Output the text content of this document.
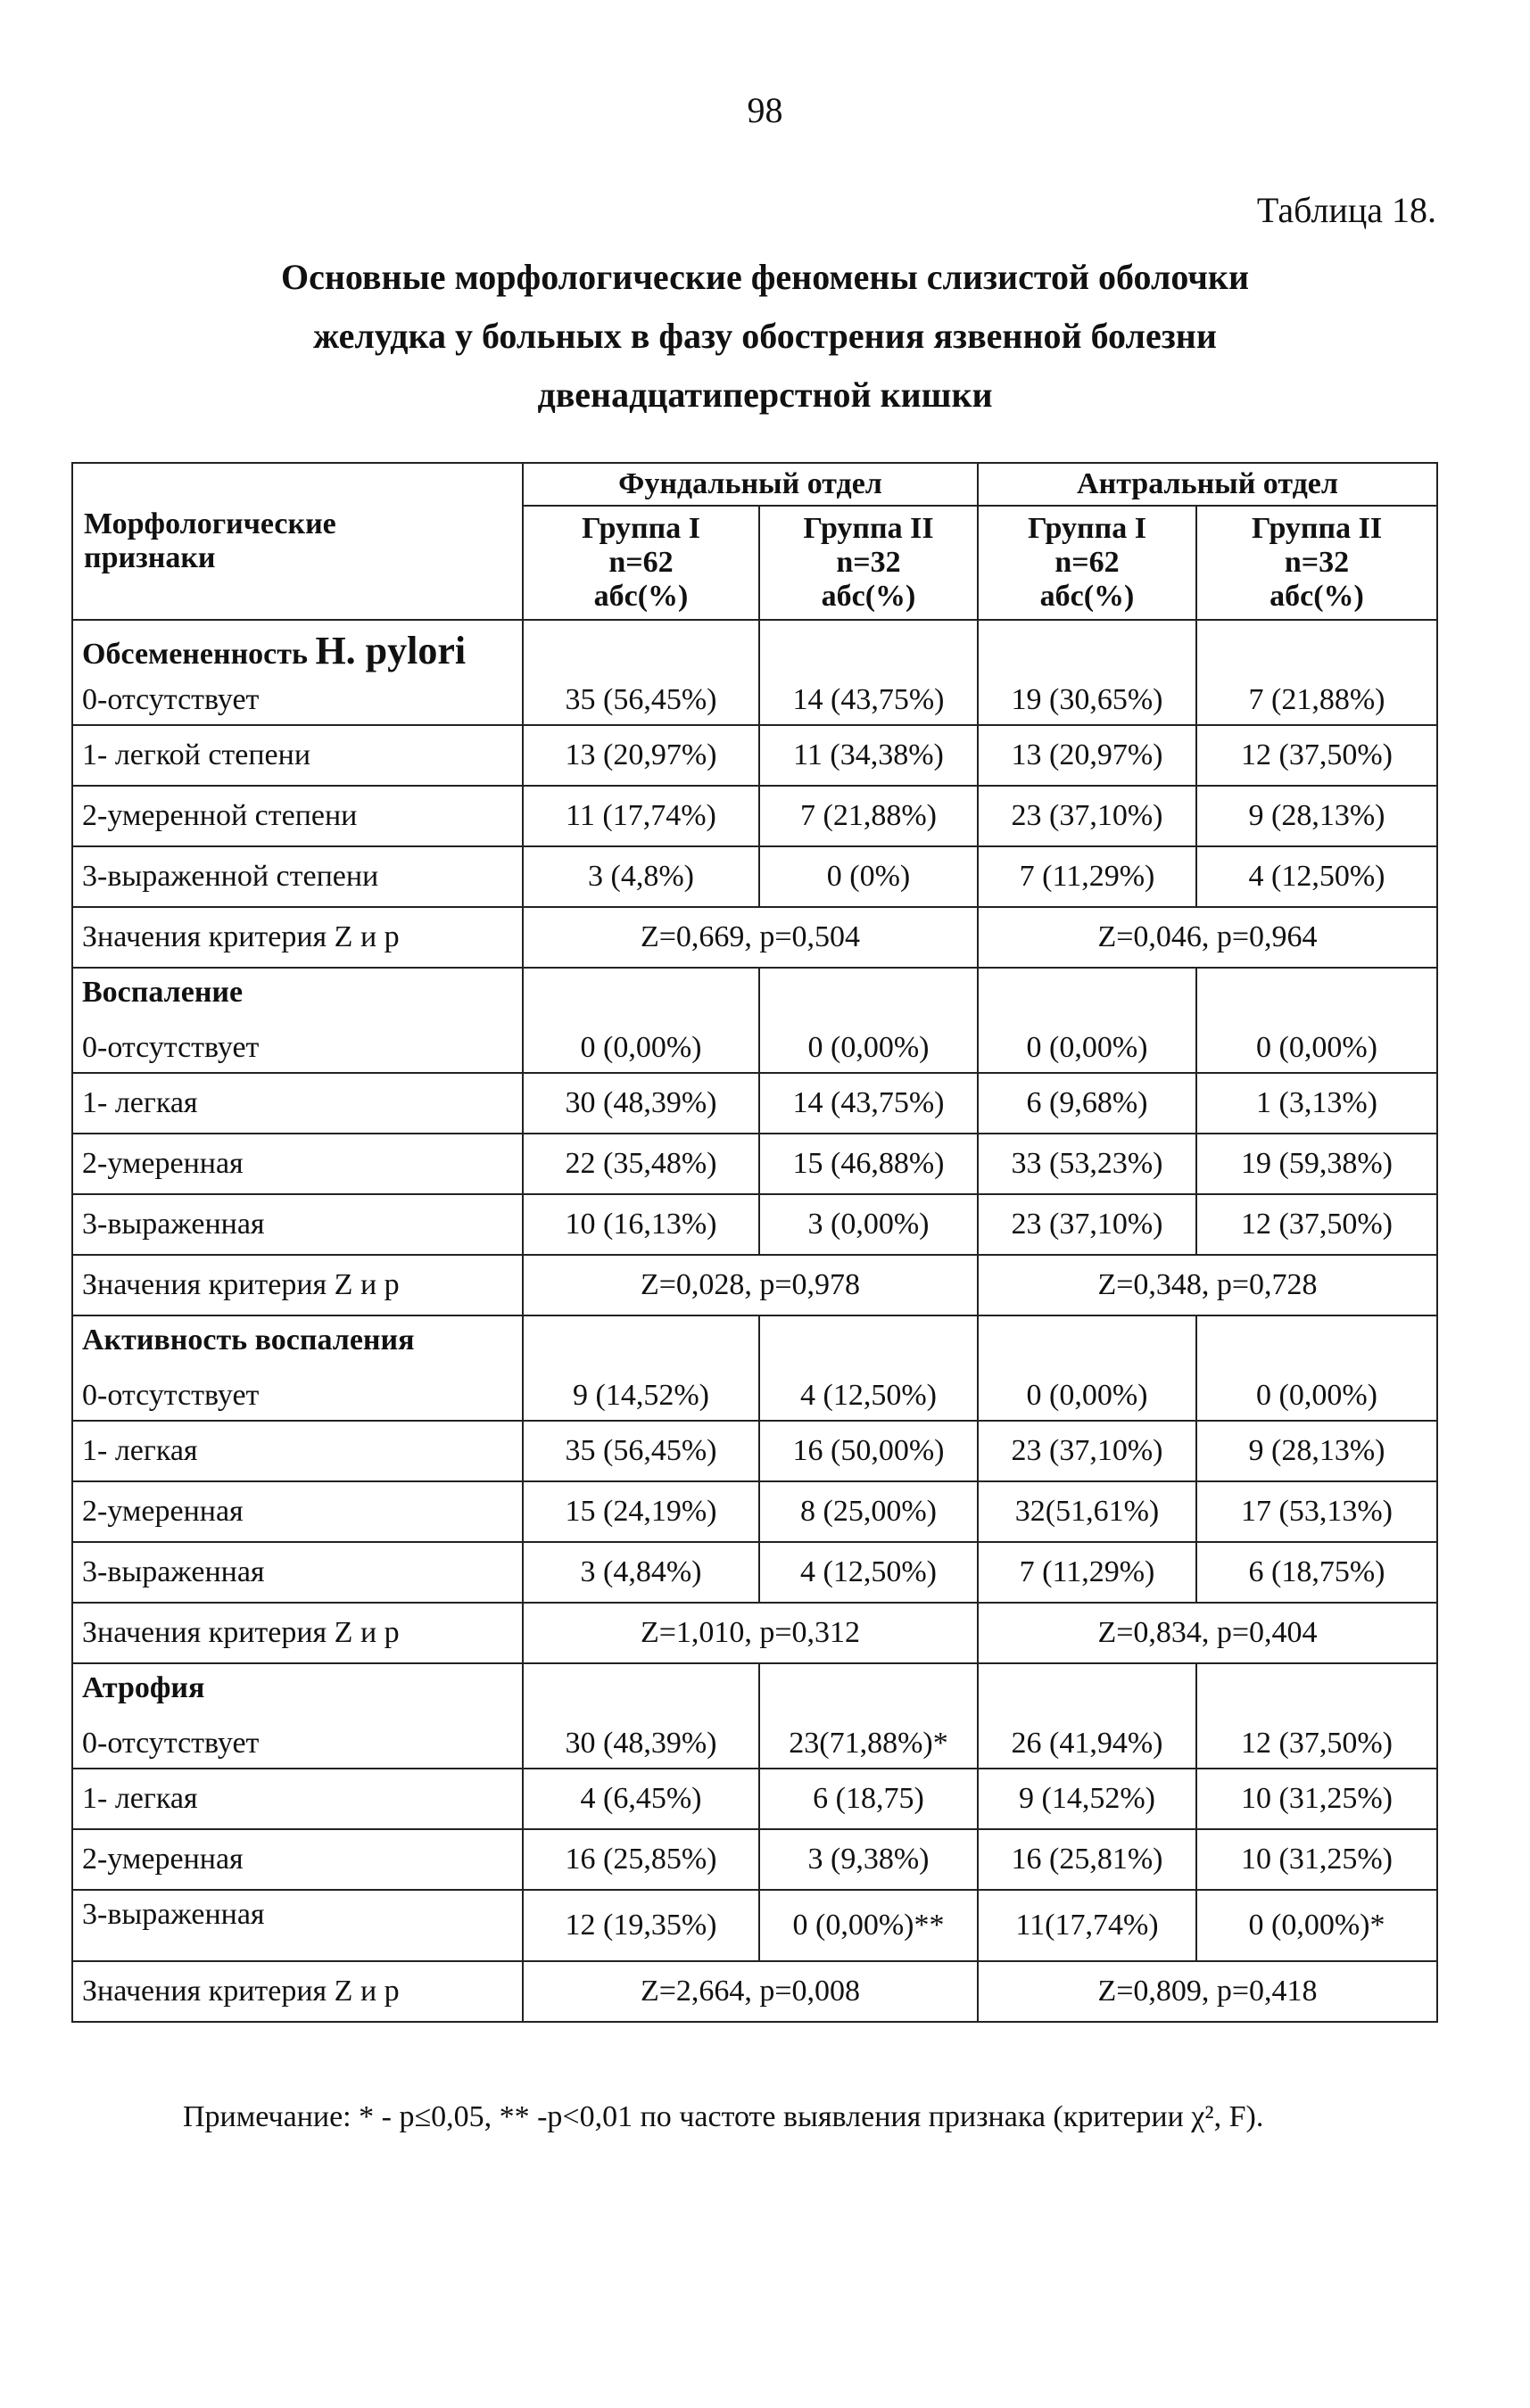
98
Таблица 18.
Основные морфологические феномены слизистой оболочки
желудка у больных в фазу обострения язвенной болезни
двенадцатиперстной кишки
Морфологические
признаки	Фундальный отдел		Антральный отдел	
	Группа I
n=62
абс(%)	Группа II
n=32
абс(%)	Группа I
n=62
абс(%)	Группа II
n=32
абс(%)
Обсемененность H. pylori				
0-отсутствует	35 (56,45%)	14 (43,75%)	19 (30,65%)	7 (21,88%)
1- легкой степени	13 (20,97%)	11 (34,38%)	13 (20,97%)	12 (37,50%)
2-умеренной степени	11 (17,74%)	7 (21,88%)	23 (37,10%)	9 (28,13%)
3-выраженной степени	3 (4,8%)	0 (0%)	7 (11,29%)	4 (12,50%)
Значения критерия Z и p	Z=0,669, p=0,504		Z=0,046, p=0,964	
Воспаление				
0-отсутствует	0 (0,00%)	0 (0,00%)	0 (0,00%)	0 (0,00%)
1- легкая	30 (48,39%)	14 (43,75%)	6 (9,68%)	1 (3,13%)
2-умеренная	22 (35,48%)	15 (46,88%)	33 (53,23%)	19 (59,38%)
3-выраженная	10 (16,13%)	3 (0,00%)	23 (37,10%)	12 (37,50%)
Значения критерия Z и p	Z=0,028, p=0,978		Z=0,348, p=0,728	
Активность воспаления				
0-отсутствует	9 (14,52%)	4 (12,50%)	0 (0,00%)	0 (0,00%)
1- легкая	35 (56,45%)	16 (50,00%)	23 (37,10%)	9 (28,13%)
2-умеренная	15 (24,19%)	8 (25,00%)	32(51,61%)	17 (53,13%)
3-выраженная	3 (4,84%)	4 (12,50%)	7 (11,29%)	6 (18,75%)
Значения критерия Z и p	Z=1,010, p=0,312		Z=0,834, p=0,404	
Атрофия				
0-отсутствует	30 (48,39%)	23(71,88%)*	26 (41,94%)	12 (37,50%)
1- легкая	4 (6,45%)	6 (18,75)	9 (14,52%)	10 (31,25%)
2-умеренная	16 (25,85%)	3 (9,38%)	16 (25,81%)	10 (31,25%)
3-выраженная	12 (19,35%)	0 (0,00%)**	11(17,74%)	0 (0,00%)*
Значения критерия Z и p	Z=2,664, p=0,008		Z=0,809, p=0,418	
Примечание: * - p≤0,05, ** -p<0,01 по частоте выявления признака (критерии χ², F).
